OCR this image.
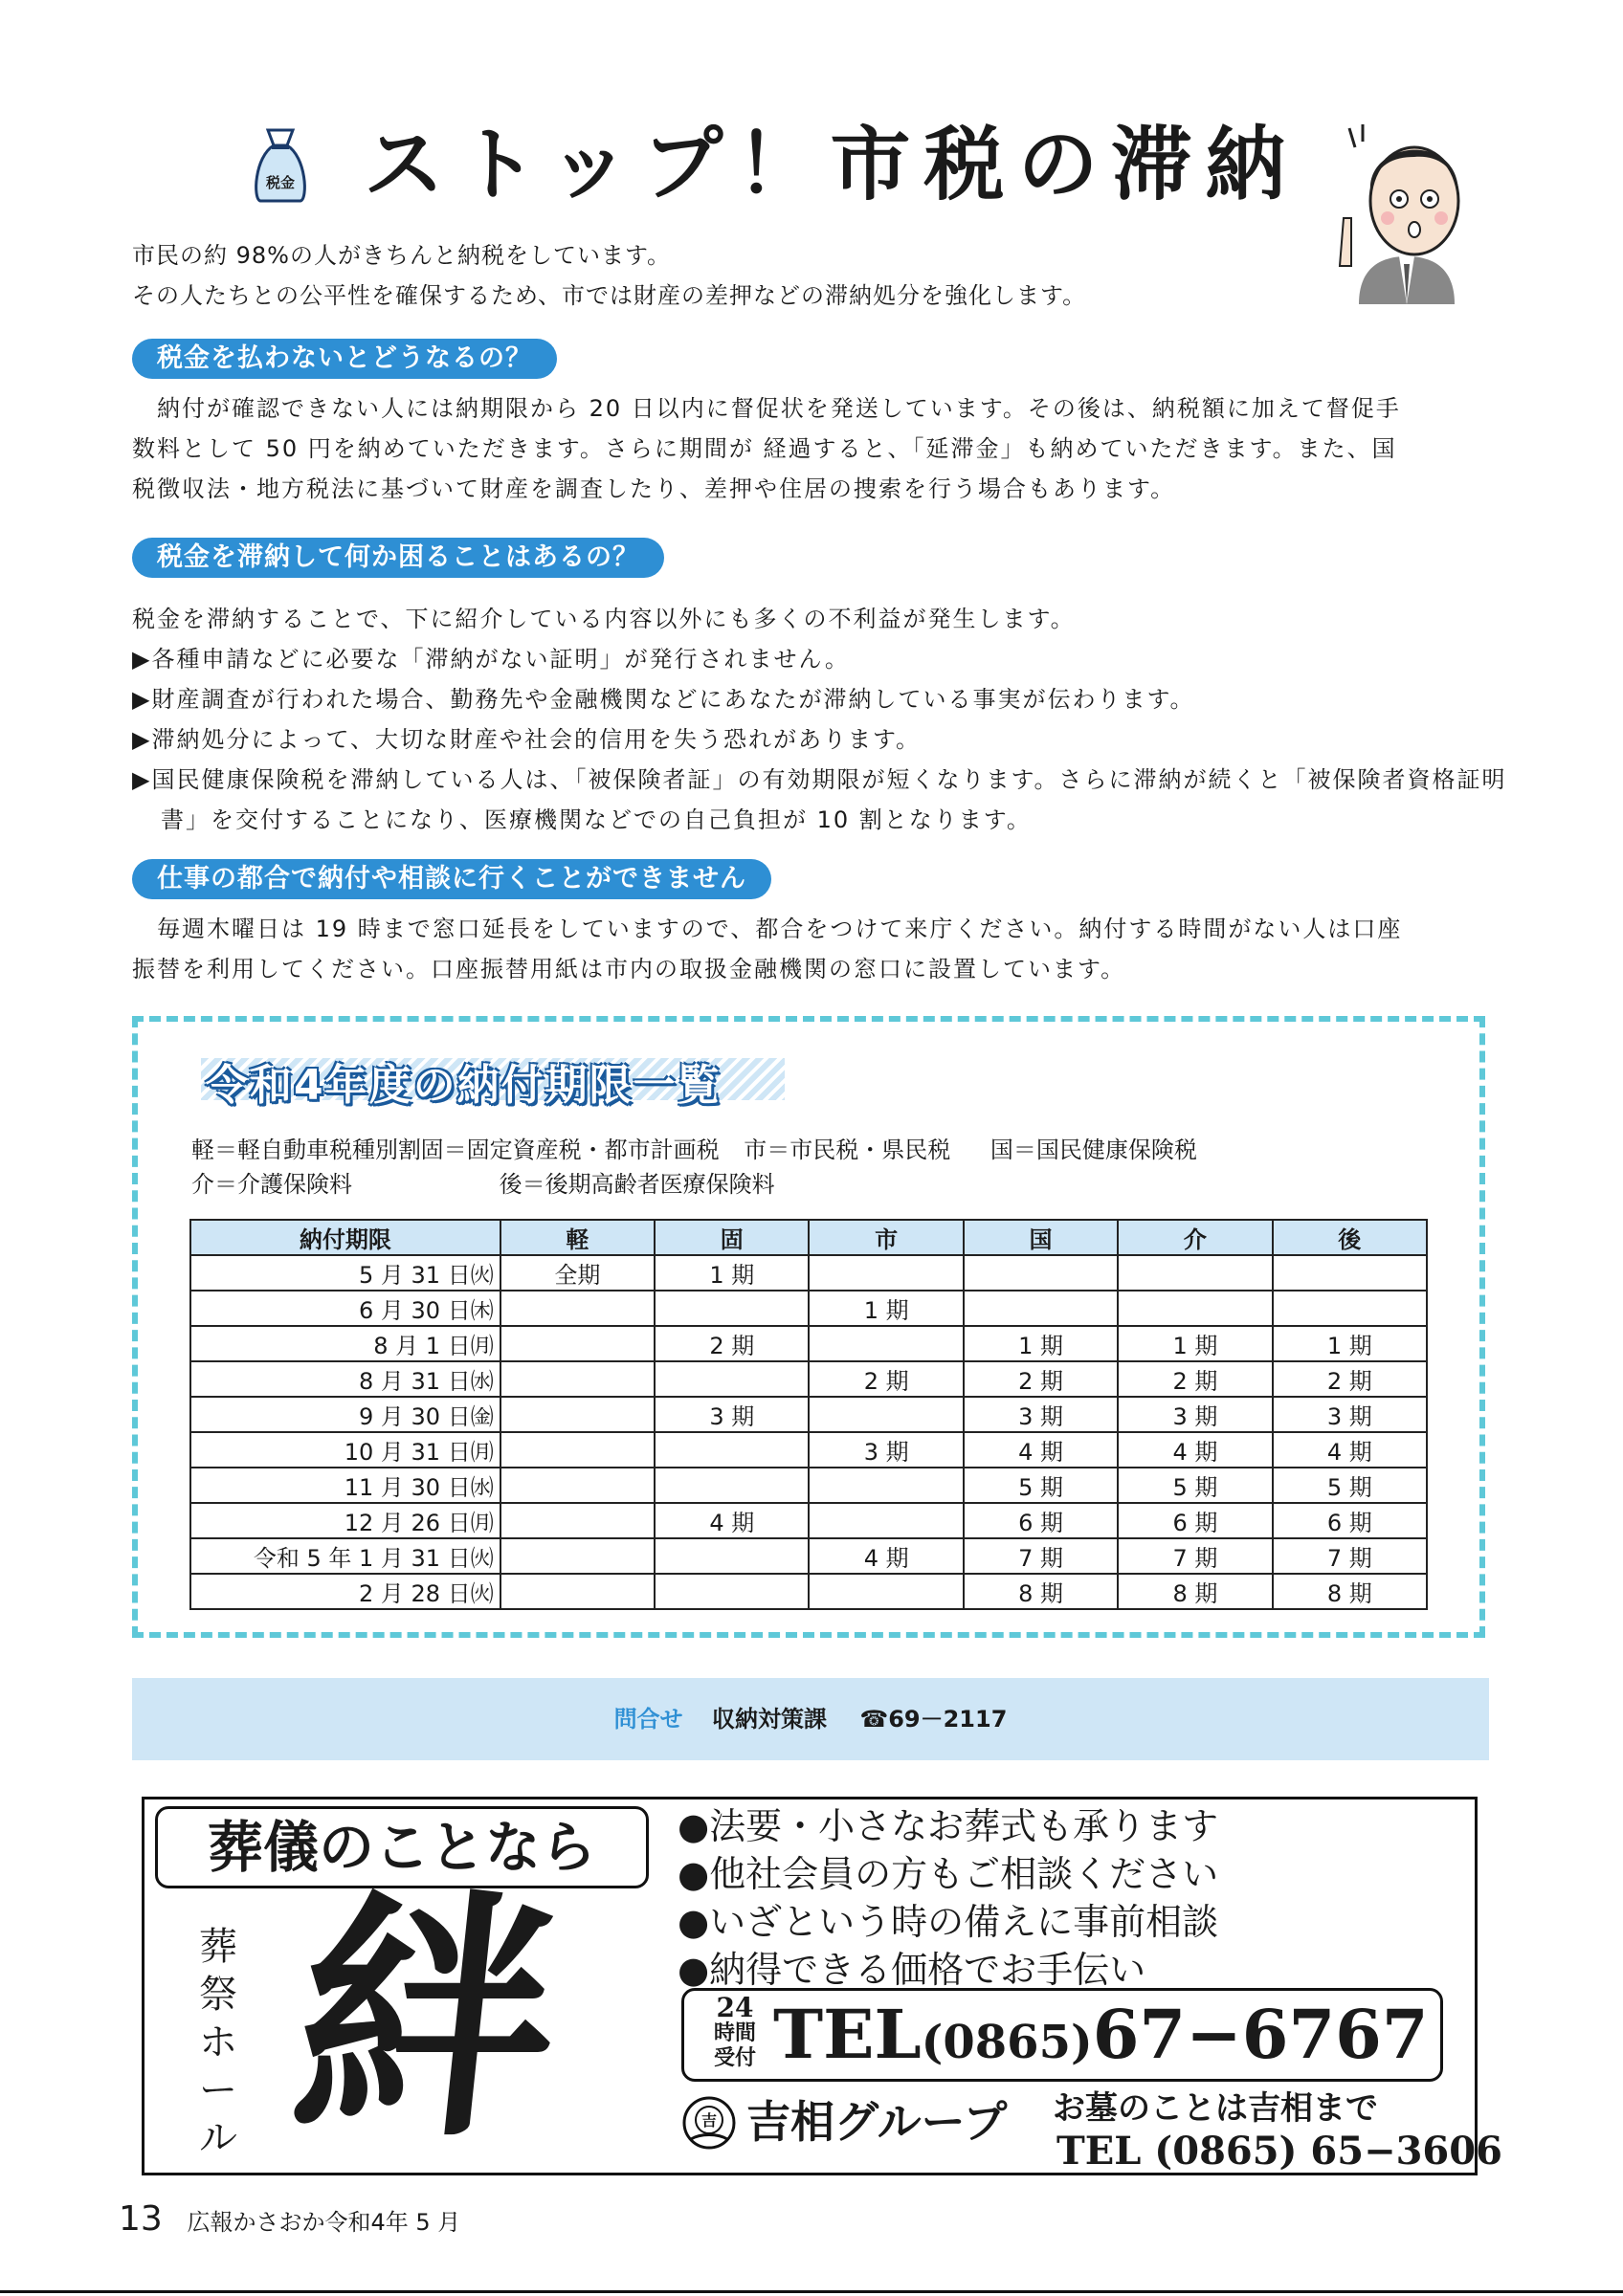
税金 ストップ！市税の滞納
市民の約 98%の人がきちんと納税をしています。
その人たちとの公平性を確保するため、市では財産の差押などの滞納処分を強化します。
税金を払わないとどうなるの？

　納付が確認できない人には納期限から 20 日以内に督促状を発送しています。その後は、納税額に加えて督促手

数料として 50 円を納めていただきます。さらに期間が 経過すると、「延滞金」も納めていただきます。また、国

税徴収法・地方税法に基づいて財産を調査したり、差押や住居の捜索を行う場合もあります。

税金を滞納して何か困ることはあるの？

税金を滞納することで、下に紹介している内容以外にも多くの不利益が発生します。

▶各種申請などに必要な「滞納がない証明」が発行されません。

▶財産調査が行われた場合、勤務先や金融機関などにあなたが滞納している事実が伝わります。

▶滞納処分によって、大切な財産や社会的信用を失う恐れがあります。

▶国民健康保険税を滞納している人は、「被保険者証」の有効期限が短くなります。さらに滞納が続くと「被保険者資格証明書」を交付することになり、医療機関などでの自己負担が 10 割となります。

仕事の都合で納付や相談に行くことができません

　毎週木曜日は 19 時まで窓口延長をしていますので、都合をつけて来庁ください。納付する時間がない人は口座

振替を利用してください。口座振替用紙は市内の取扱金融機関の窓口に設置しています。

令和4年度の納付期限一覧
軽＝軽自動車税種別割 固＝固定資産税・都市計画税 市＝市民税・県民税 国＝国民健康保険税
介＝介護保険料	後＝後期高齢者医療保険料
納付期限	軽	固	市	国	介	後
5 月 31 日㈫	全期	1 期				
6 月 30 日㈭			1 期			
8 月 1 日㈪		2 期		1 期	1 期	1 期
8 月 31 日㈬			2 期	2 期	2 期	2 期
9 月 30 日㈮		3 期		3 期	3 期	3 期
10 月 31 日㈪			3 期	4 期	4 期	4 期
11 月 30 日㈬				5 期	5 期	5 期
12 月 26 日㈪		4 期		6 期	6 期	6 期
令和 5 年 1 月 31 日㈫			4 期	7 期	7 期	7 期
2 月 28 日㈫				8 期	8 期	8 期
問合せ 収納対策課 ☎69－2117
葬儀のことなら
葬
祭
ホ
ー
ル 絆
●法要・小さなお葬式も承ります
●他社会員の方もご相談ください
●いざという時の備えに事前相談
●納得できる価格でお手伝い
24
時間
受付 TEL(0865)67−6767
吉 吉相グループ お墓のことは吉相まで
TEL (0865) 65−3606
13 広報かさおか令和4年 5 月
